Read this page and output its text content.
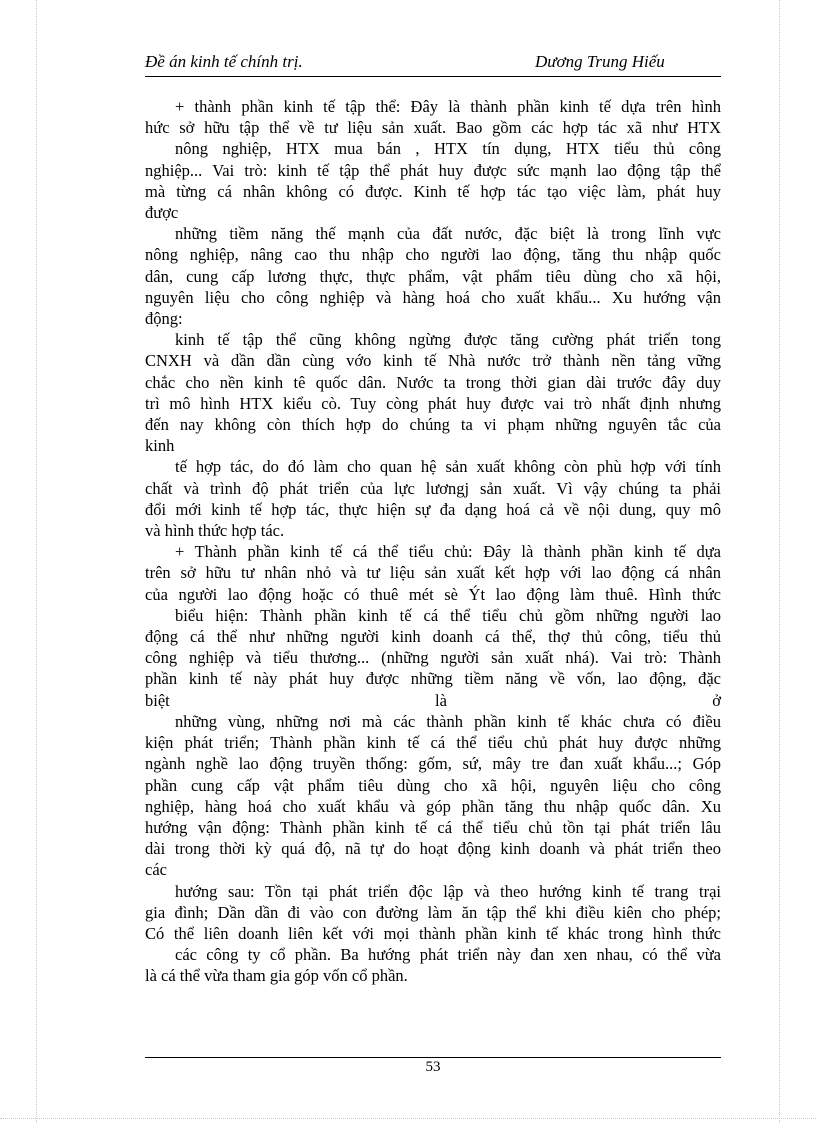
Đề án kinh tế chính trị.	Dương Trung Hiếu

+ thành phần kinh tế tập thể: Đây là thành phần kinh tế dựa trên hình

hức sở hữu tập thể về tư liệu sản xuất. Bao gồm các hợp tác xã như HTX

nông nghiệp, HTX mua bán , HTX tín dụng, HTX tiểu thủ công

nghiệp... Vai trò: kinh tế tập thể phát huy được sức mạnh lao động tập thể

mà từng cá nhân không có được. Kinh tế hợp tác tạo việc làm, phát huy

được

những tiềm năng thế mạnh của đất nước, đặc biệt là trong lĩnh vực

nông nghiệp, nâng cao thu nhập cho người lao động, tăng thu nhập quốc

dân, cung cấp lương thực, thực phẩm, vật phẩm tiêu dùng cho xã hội,

nguyên liệu cho công nghiệp và hàng hoá cho xuất khẩu... Xu hướng vận

động:

kinh tế tập thể cũng không ngừng được tăng cường phát triển tong

CNXH và dần dần cùng vớo kinh tế Nhà nước trở thành nền tảng vững

chắc cho nền kinh tê quốc dân. Nước ta trong thời gian dài trước đây duy

trì mô hình HTX kiểu cò. Tuy còng phát huy được vai trò nhất định nhưng

đến nay không còn thích hợp do chúng ta vi phạm những nguyên tắc của

kinh

tế hợp tác, do đó làm cho quan hệ sản xuất không còn phù hợp với tính

chất và trình độ phát triển của lực lươngj sản xuất. Vì vậy chúng ta phải

đổi mới kinh tế hợp tác, thực hiện sự đa dạng hoá cả về nội dung, quy mô

và hình thức hợp tác.

+ Thành phần kinh tế cá thể tiểu chủ: Đây là thành phần kinh tế dựa

trên sở hữu tư nhân nhỏ và tư liệu sản xuất kết hợp với lao động cá nhân

của người lao động hoặc có thuê mét sè Ýt lao động làm thuê. Hình thức

biểu hiện: Thành phần kinh tế cá thể tiểu chủ gồm những người lao

động cá thể như những người kinh doanh cá thể, thợ thủ công, tiểu thủ

công nghiệp và tiểu thương... (những người sản xuất nhá). Vai trò: Thành

phần kinh tế này phát huy được những tiềm năng về vốn, lao động, đặc

biệt là ở

những vùng, những nơi mà các thành phần kinh tế khác chưa có điều

kiện phát triển; Thành phần kinh tế cá thể tiểu chủ phát huy được những

ngành nghề lao động truyền thống: gốm, sứ, mây tre đan xuất khẩu...; Góp

phần cung cấp vật phẩm tiêu dùng cho xã hội, nguyên liệu cho công

nghiệp, hàng hoá cho xuất khẩu và góp phần tăng thu nhập quốc dân. Xu

hướng vận động: Thành phần kinh tế cá thể tiểu chủ tồn tại phát triển lâu

dài trong thời kỳ quá độ, nã tự do hoạt động kinh doanh và phát triển theo

các

hướng sau: Tồn tại phát triển độc lập và theo hướng kinh tế trang trại

gia đình; Dần dần đi vào con đường làm ăn tập thể khi điều kiên cho phép;

Có thể liên doanh liên kết với mọi thành phần kinh tế khác trong hình thức

các công ty cổ phần. Ba hướng phát triển này đan xen nhau, có thể vừa

là cá thể vừa tham gia góp vốn cổ phần.

53
